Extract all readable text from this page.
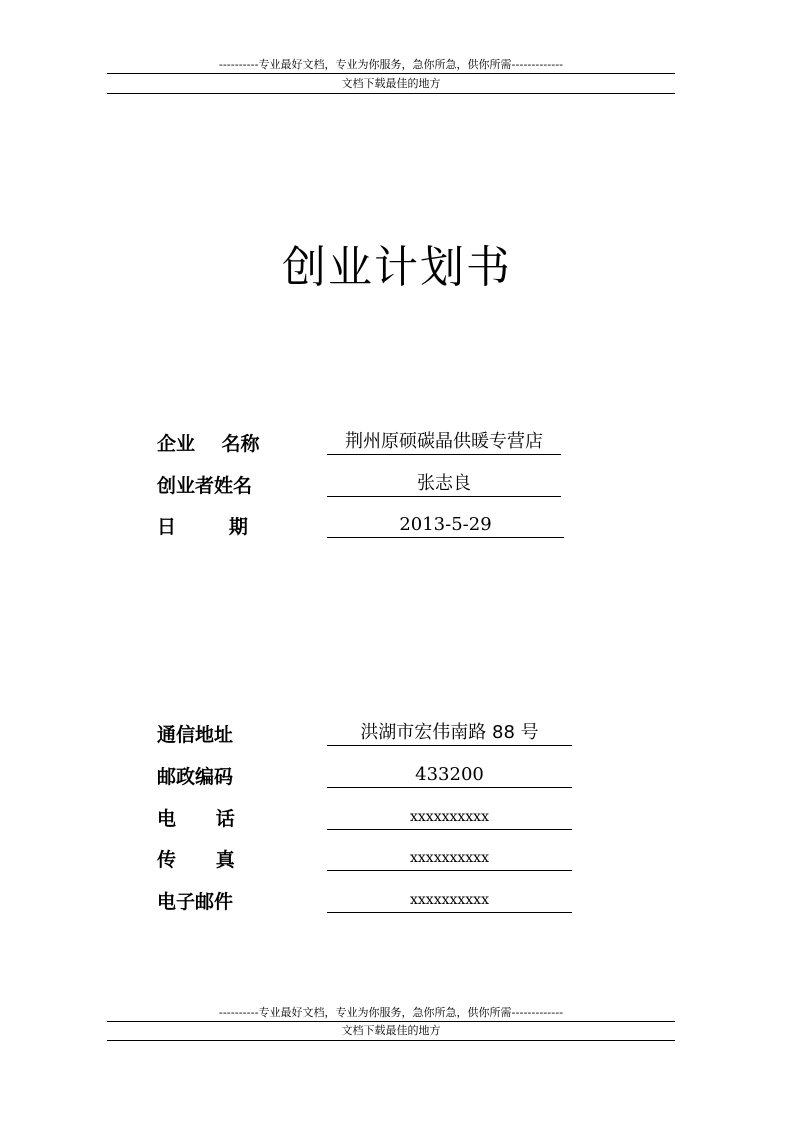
----------专业最好文档，专业为你服务，急你所急，供你所需-------------
文档下载最佳的地方
创业计划书
企业    名称	荆州原硕碳晶供暖专营店
创业者姓名	张志良
日        期	2013-5-29
通信地址	洪湖市宏伟南路 88 号
邮政编码	433200
电      话	xxxxxxxxxx
传      真	xxxxxxxxxx
电子邮件	xxxxxxxxxx
----------专业最好文档，专业为你服务，急你所急，供你所需-------------
文档下载最佳的地方
